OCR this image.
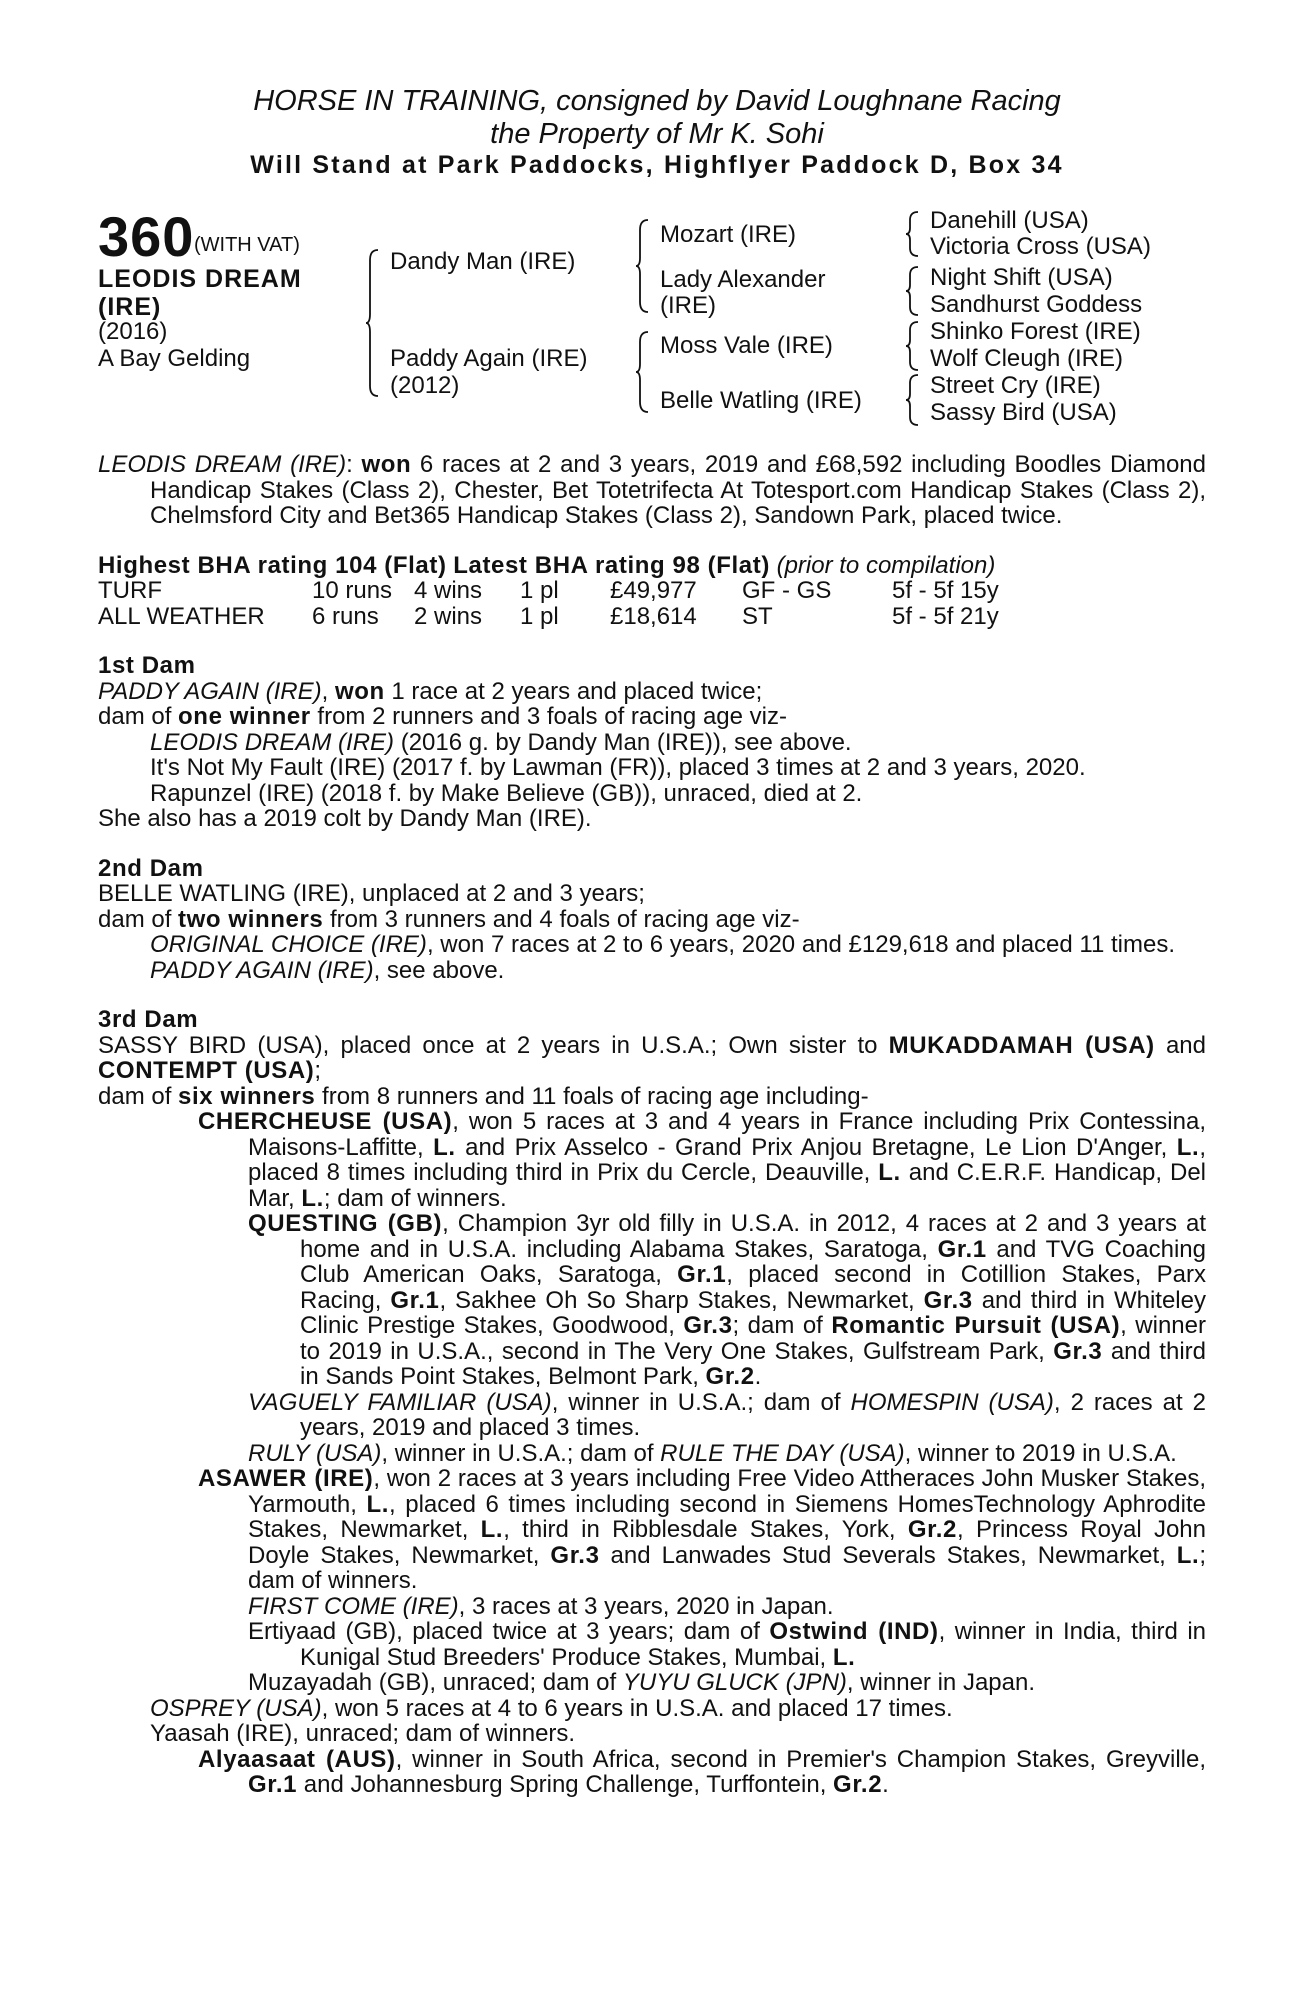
HORSE IN TRAINING, consigned by David Loughnane Racing
the Property of Mr K. Sohi
Will Stand at Park Paddocks, Highflyer Paddock D, Box 34
360 (WITH VAT)
LEODIS DREAM
(IRE)
(2016)
A Bay Gelding
Dandy Man (IRE)
Paddy Again (IRE)
(2012)
Mozart (IRE)
Lady Alexander
(IRE)
Moss Vale (IRE)
Belle Watling (IRE)
Danehill (USA)
Victoria Cross (USA)
Night Shift (USA)
Sandhurst Goddess
Shinko Forest (IRE)
Wolf Cleugh (IRE)
Street Cry (IRE)
Sassy Bird (USA)
LEODIS DREAM (IRE): won 6 races at 2 and 3 years, 2019 and £68,592 including Boodles Diamond Handicap Stakes (Class 2), Chester, Bet Totetrifecta At Totesport.com Handicap Stakes (Class 2), Chelmsford City and Bet365 Handicap Stakes (Class 2), Sandown Park, placed twice.
Highest BHA rating 104 (Flat) Latest BHA rating 98 (Flat) (prior to compilation)
TURF	10 runs	4 wins	1 pl	£49,977	GF - GS	5f - 5f 15y
ALL WEATHER	6 runs	2 wins	1 pl	£18,614	ST	5f - 5f 21y
1st Dam
PADDY AGAIN (IRE), won 1 race at 2 years and placed twice;
dam of one winner from 2 runners and 3 foals of racing age viz-
LEODIS DREAM (IRE) (2016 g. by Dandy Man (IRE)), see above.
It's Not My Fault (IRE) (2017 f. by Lawman (FR)), placed 3 times at 2 and 3 years, 2020.
Rapunzel (IRE) (2018 f. by Make Believe (GB)), unraced, died at 2.
She also has a 2019 colt by Dandy Man (IRE).
2nd Dam
BELLE WATLING (IRE), unplaced at 2 and 3 years;
dam of two winners from 3 runners and 4 foals of racing age viz-
ORIGINAL CHOICE (IRE), won 7 races at 2 to 6 years, 2020 and £129,618 and placed 11 times.
PADDY AGAIN (IRE), see above.
3rd Dam
SASSY BIRD (USA), placed once at 2 years in U.S.A.; Own sister to MUKADDAMAH (USA) and CONTEMPT (USA);
dam of six winners from 8 runners and 11 foals of racing age including-
CHERCHEUSE (USA), won 5 races at 3 and 4 years in France including Prix Contessina, Maisons-Laffitte, L. and Prix Asselco - Grand Prix Anjou Bretagne, Le Lion D'Anger, L., placed 8 times including third in Prix du Cercle, Deauville, L. and C.E.R.F. Handicap, Del Mar, L.; dam of winners.
QUESTING (GB), Champion 3yr old filly in U.S.A. in 2012, 4 races at 2 and 3 years at home and in U.S.A. including Alabama Stakes, Saratoga, Gr.1 and TVG Coaching Club American Oaks, Saratoga, Gr.1, placed second in Cotillion Stakes, Parx Racing, Gr.1, Sakhee Oh So Sharp Stakes, Newmarket, Gr.3 and third in Whiteley Clinic Prestige Stakes, Goodwood, Gr.3; dam of Romantic Pursuit (USA), winner to 2019 in U.S.A., second in The Very One Stakes, Gulfstream Park, Gr.3 and third in Sands Point Stakes, Belmont Park, Gr.2.
VAGUELY FAMILIAR (USA), winner in U.S.A.; dam of HOMESPIN (USA), 2 races at 2 years, 2019 and placed 3 times.
RULY (USA), winner in U.S.A.; dam of RULE THE DAY (USA), winner to 2019 in U.S.A.
ASAWER (IRE), won 2 races at 3 years including Free Video Attheraces John Musker Stakes, Yarmouth, L., placed 6 times including second in Siemens HomesTechnology Aphrodite Stakes, Newmarket, L., third in Ribblesdale Stakes, York, Gr.2, Princess Royal John Doyle Stakes, Newmarket, Gr.3 and Lanwades Stud Severals Stakes, Newmarket, L.; dam of winners.
FIRST COME (IRE), 3 races at 3 years, 2020 in Japan.
Ertiyaad (GB), placed twice at 3 years; dam of Ostwind (IND), winner in India, third in Kunigal Stud Breeders' Produce Stakes, Mumbai, L.
Muzayadah (GB), unraced; dam of YUYU GLUCK (JPN), winner in Japan.
OSPREY (USA), won 5 races at 4 to 6 years in U.S.A. and placed 17 times.
Yaasah (IRE), unraced; dam of winners.
Alyaasaat (AUS), winner in South Africa, second in Premier's Champion Stakes, Greyville, Gr.1 and Johannesburg Spring Challenge, Turffontein, Gr.2.
